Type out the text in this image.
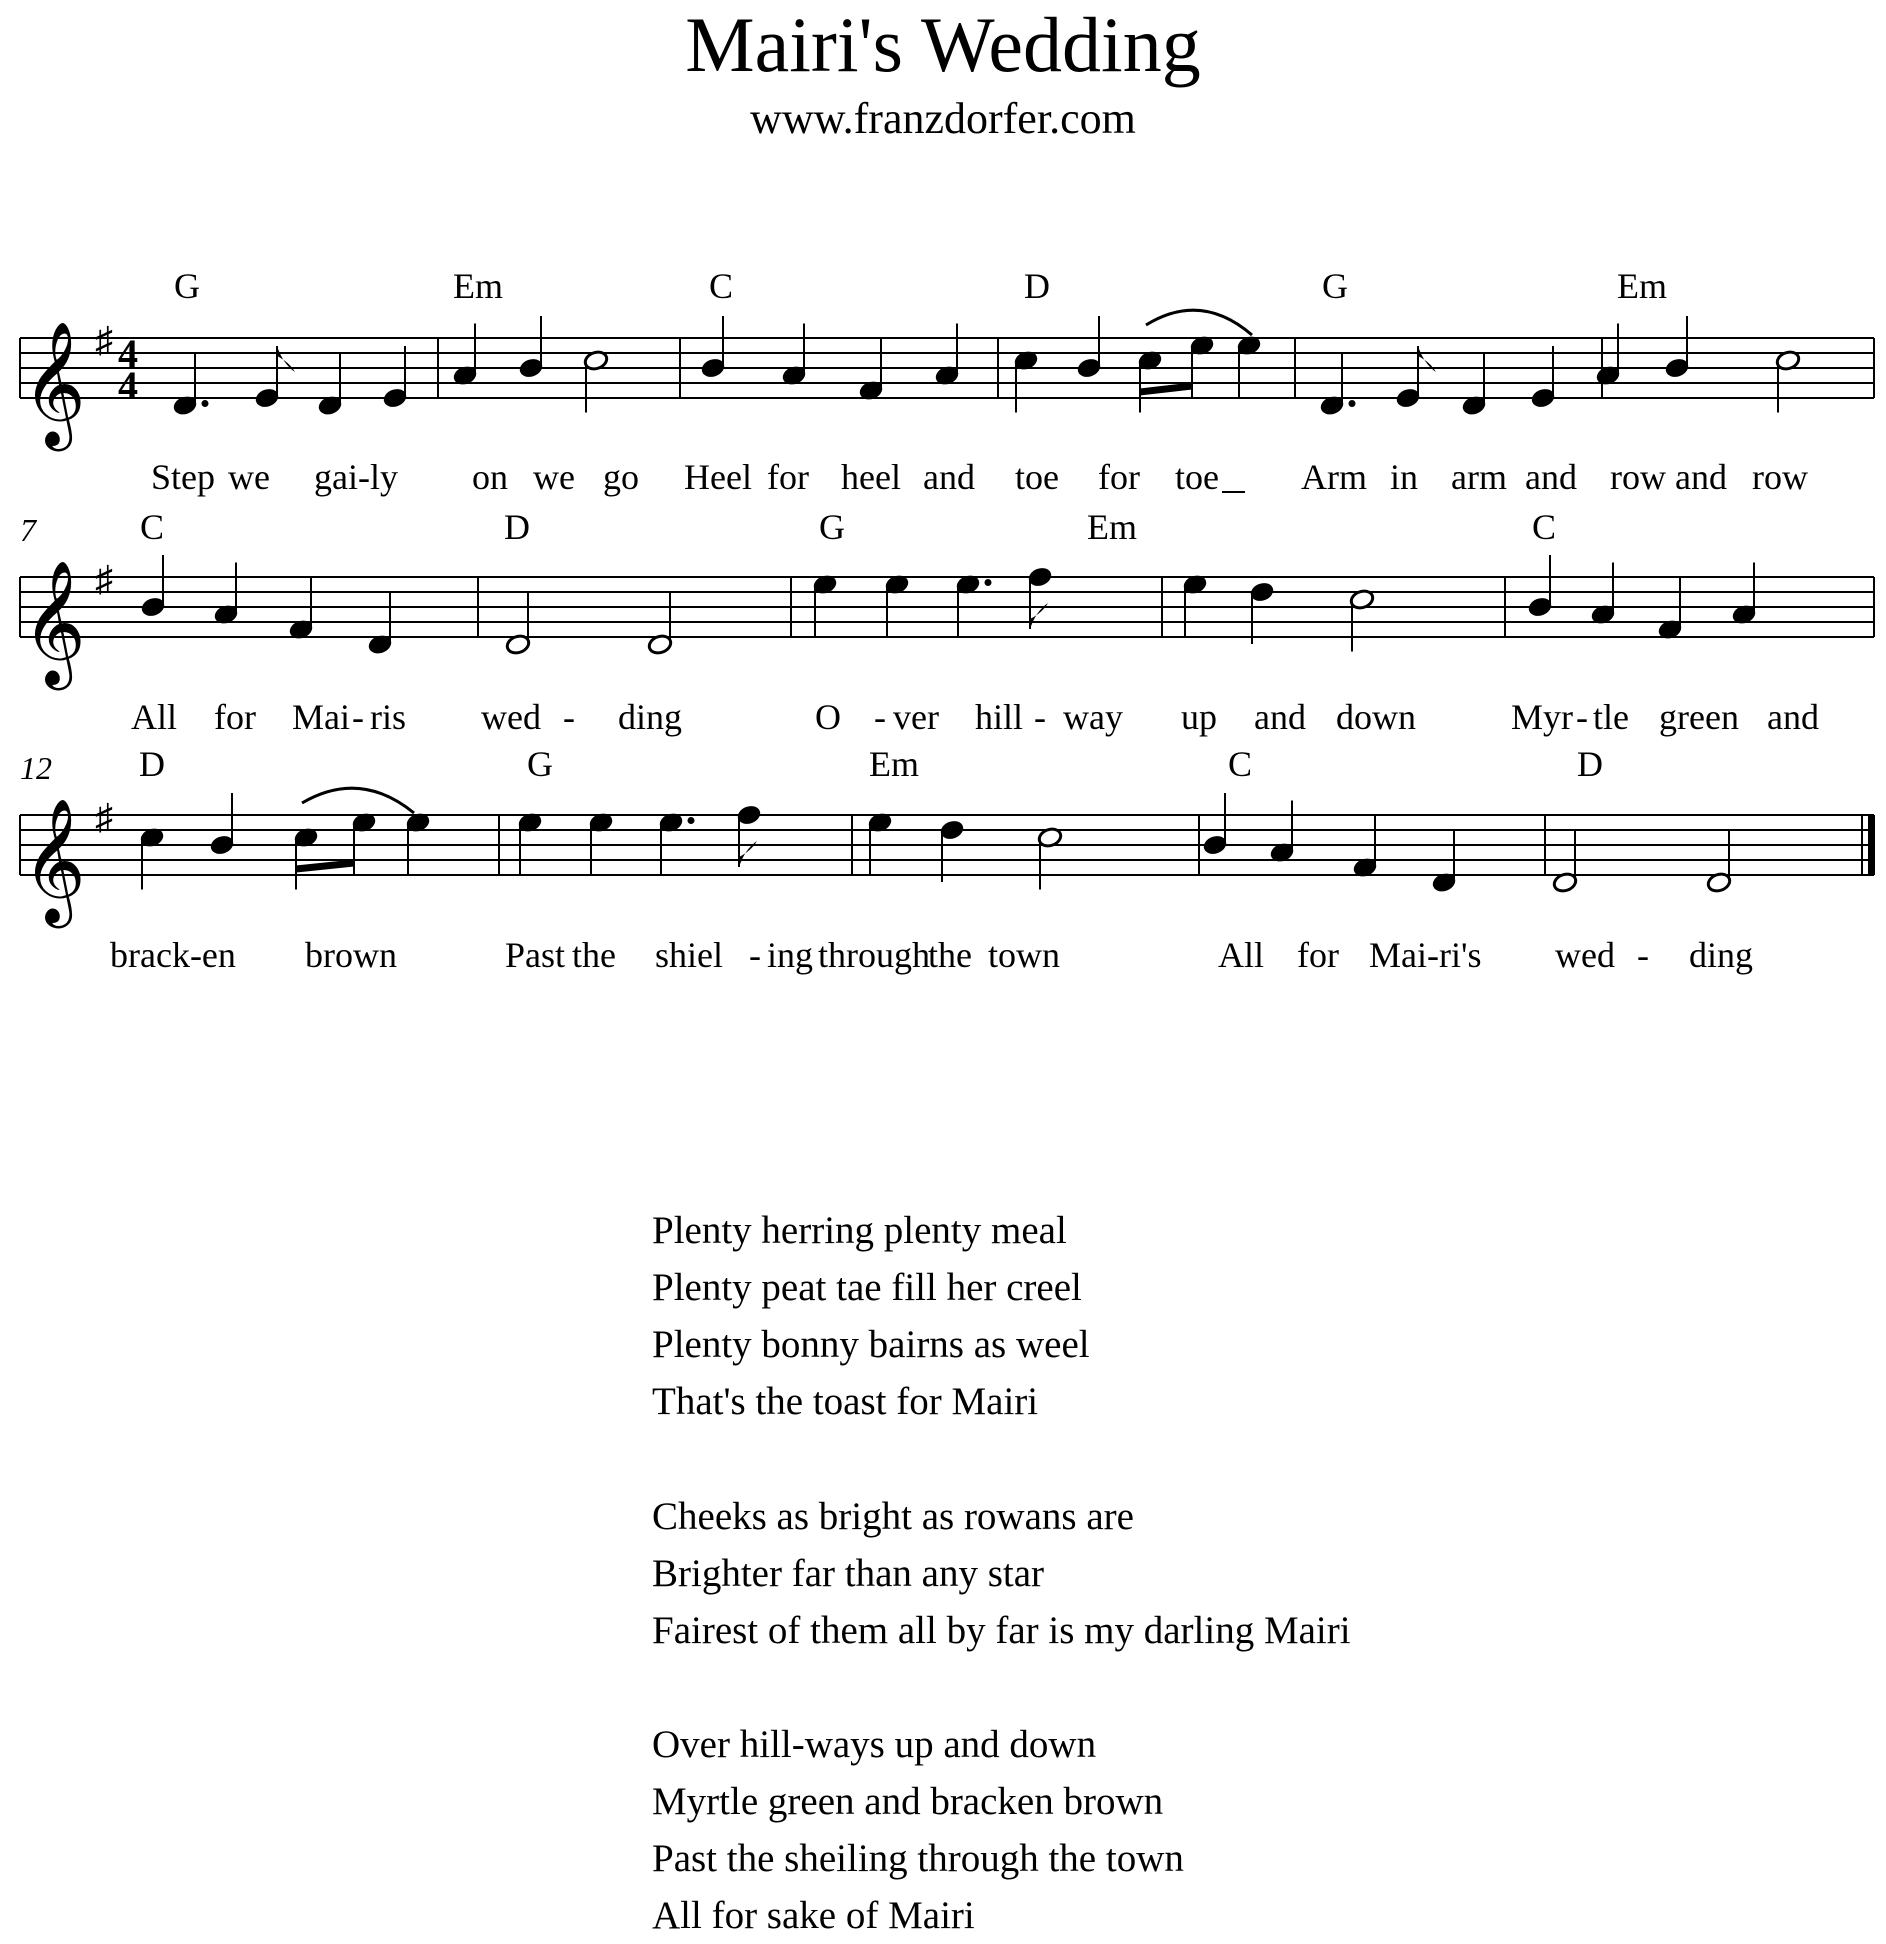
Mairi's Wedding
www.franzdorfer.com
𝄞 ♯ 4
4
G	Em	C	D	G	Em
Step we gai-ly on we go Heel for heel and toe for toe Arm in arm and row and row
𝄞 ♯
7	C	D	G	Em	C
All for Mai - ris wed - ding	O - ver hill - way up and down	Myr - tle green and
𝄞 ♯
12 D	G	Em	C	D
brack-en brown	Past the shiel - ing through
the town	All for Mai-ri's wed - ding
Plenty herring plenty meal
Plenty peat tae fill her creel
Plenty bonny bairns as weel
That's the toast for Mairi
Cheeks as bright as rowans are
Brighter far than any star
Fairest of them all by far is my darling Mairi
Over hill-ways up and down
Myrtle green and bracken brown
Past the sheiling through the town
All for sake of Mairi
